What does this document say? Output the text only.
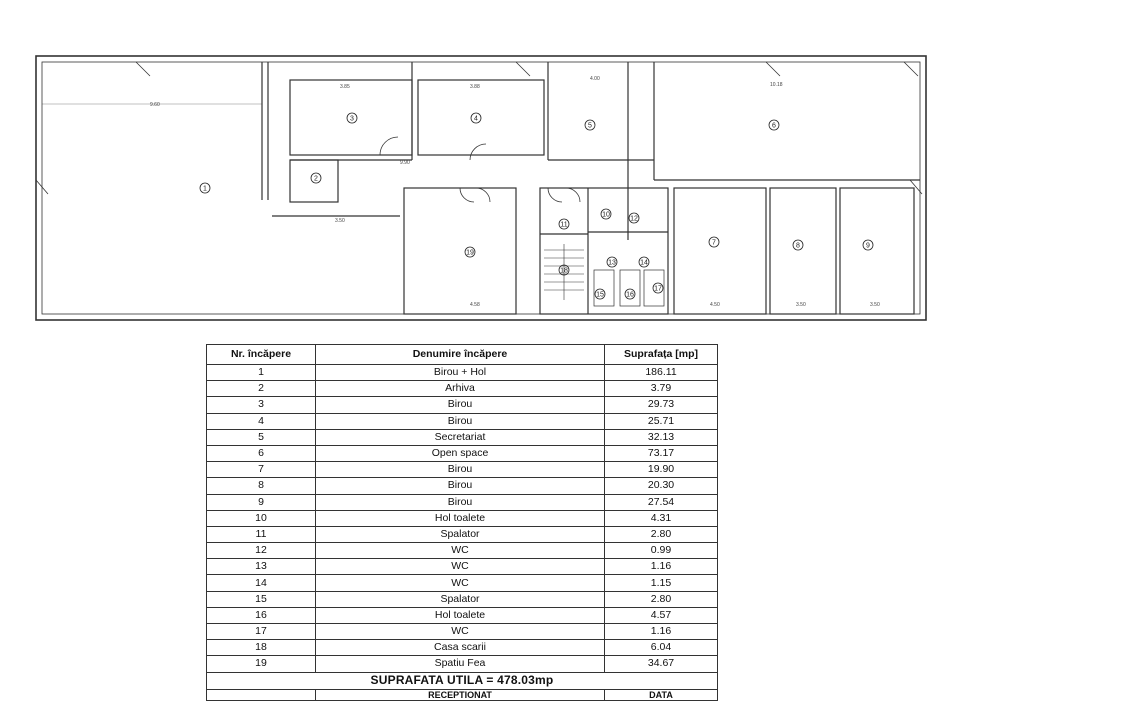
9.60
3.85	3.88
4.00
10.18
9.90
3.50
4.58	4.50	3.50	3.50
1
2
3	4
5	6
7	8	9
10
11
12
13	14
15	16
17
18
19
Nr. încăpere	Denumire încăpere	Suprafața [mp]
1	Birou + Hol	186.11
2	Arhiva	3.79
3	Birou	29.73
4	Birou	25.71
5	Secretariat	32.13
6	Open space	73.17
7	Birou	19.90
8	Birou	20.30
9	Birou	27.54
10	Hol toalete	4.31
11	Spalator	2.80
12	WC	0.99
13	WC	1.16
14	WC	1.15
15	Spalator	2.80
16	Hol toalete	4.57
17	WC	1.16
18	Casa scarii	6.04
19	Spatiu Fea	34.67
SUPRAFATA UTILA = 478.03mp		
	RECEPTIONAT	DATA
